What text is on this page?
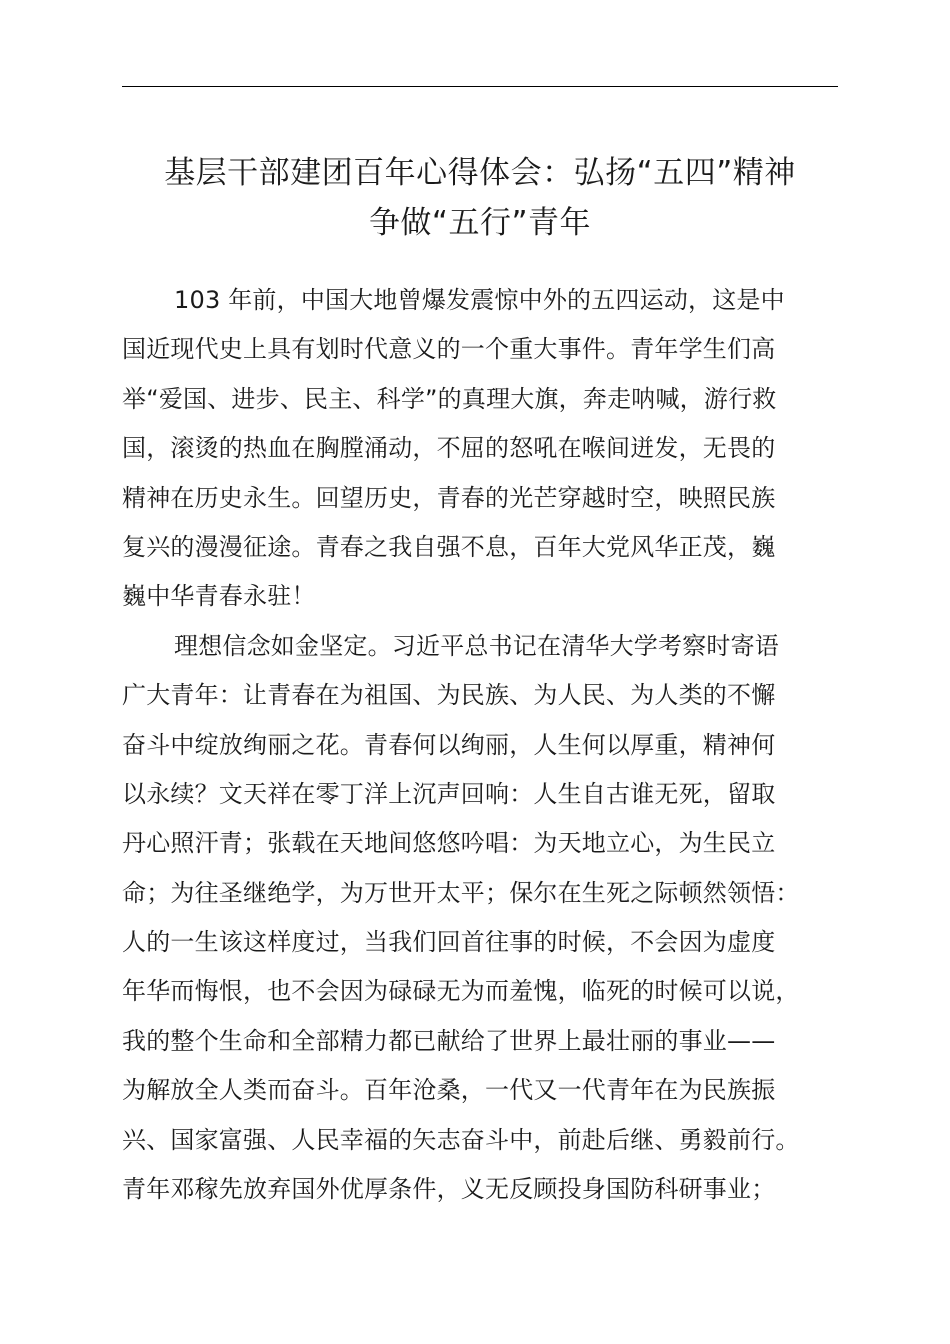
基层干部建团百年心得体会：弘扬“五四”精神
争做“五行”青年
103 年前，中国大地曾爆发震惊中外的五四运动，这是中
国近现代史上具有划时代意义的一个重大事件。青年学生们高
举“爱国、进步、民主、科学”的真理大旗，奔走呐喊，游行救
国，滚烫的热血在胸膛涌动，不屈的怒吼在喉间迸发，无畏的
精神在历史永生。回望历史，青春的光芒穿越时空，映照民族
复兴的漫漫征途。青春之我自强不息，百年大党风华正茂，巍
巍中华青春永驻！
理想信念如金坚定。习近平总书记在清华大学考察时寄语
广大青年：让青春在为祖国、为民族、为人民、为人类的不懈
奋斗中绽放绚丽之花。青春何以绚丽，人生何以厚重，精神何
以永续？文天祥在零丁洋上沉声回响：人生自古谁无死，留取
丹心照汗青；张载在天地间悠悠吟唱：为天地立心，为生民立
命；为往圣继绝学，为万世开太平；保尔在生死之际顿然领悟：
人的一生该这样度过，当我们回首往事的时候，不会因为虚度
年华而悔恨，也不会因为碌碌无为而羞愧，临死的时候可以说，
我的整个生命和全部精力都已献给了世界上最壮丽的事业——
为解放全人类而奋斗。百年沧桑，一代又一代青年在为民族振
兴、国家富强、人民幸福的矢志奋斗中，前赴后继、勇毅前行。
青年邓稼先放弃国外优厚条件，义无反顾投身国防科研事业；
